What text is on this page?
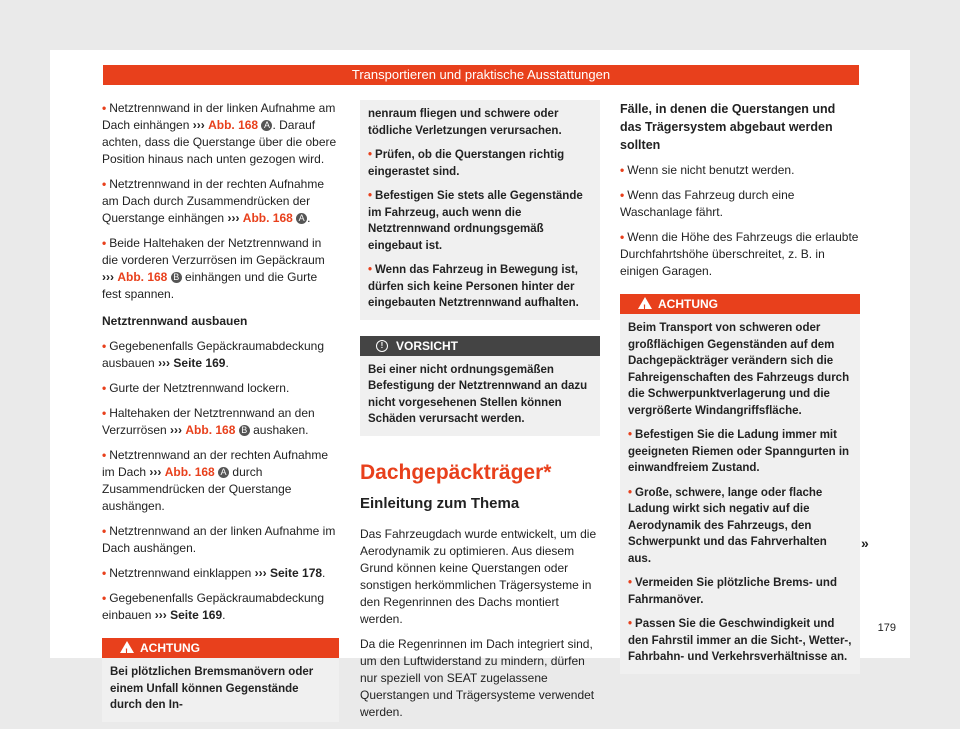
Transportieren und praktische Ausstattungen

• Netztrennwand in der linken Aufnahme am Dach einhängen ››› Abb. 168 A . Darauf achten, dass die Querstange über die obere Position hinaus nach unten gezogen wird.

• Netztrennwand in der rechten Aufnahme am Dach durch Zusammendrücken der Querstange einhängen ››› Abb. 168 A .

• Beide Haltehaken der Netztrennwand in die vorderen Verzurrösen im Gepäckraum ››› Abb. 168 B einhängen und die Gurte fest spannen.

Netztrennwand ausbauen

• Gegebenenfalls Gepäckraumabdeckung ausbauen ››› Seite 169.

• Gurte der Netztrennwand lockern.

• Haltehaken der Netztrennwand an den Verzurrösen ››› Abb. 168 B aushaken.

• Netztrennwand an der rechten Aufnahme im Dach ››› Abb. 168 A durch Zusammendrücken der Querstange aushängen.

• Netztrennwand an der linken Aufnahme im Dach aushängen.

• Netztrennwand einklappen ››› Seite 178.

• Gegebenenfalls Gepäckraumabdeckung einbauen ››› Seite 169.

!
ACHTUNG
Bei plötzlichen Bremsmanövern oder einem Unfall können Gegenstände durch den In-

nenraum fliegen und schwere oder tödliche Verletzungen verursachen.

• Prüfen, ob die Querstangen richtig eingerastet sind.

• Befestigen Sie stets alle Gegenstände im Fahrzeug, auch wenn die Netztrennwand ordnungsgemäß eingebaut ist.

• Wenn das Fahrzeug in Bewegung ist, dürfen sich keine Personen hinter der eingebauten Netztrennwand aufhalten.

!	VORSICHT
Bei einer nicht ordnungsgemäßen Befestigung der Netztrennwand an dazu nicht vorgesehenen Stellen können Schäden verursacht werden.
Dachgepäckträger*
Einleitung zum Thema

Das Fahrzeugdach wurde entwickelt, um die Aerodynamik zu optimieren. Aus diesem Grund können keine Querstangen oder sonstigen herkömmlichen Trägersysteme in den Regenrinnen des Dachs montiert werden.

Da die Regenrinnen im Dach integriert sind, um den Luftwiderstand zu mindern, dürfen nur speziell von SEAT zugelassene Querstangen und Trägersysteme verwendet werden.

Fälle, in denen die Querstangen und das Trägersystem abgebaut werden sollten

• Wenn sie nicht benutzt werden.

• Wenn das Fahrzeug durch eine Waschanlage fährt.

• Wenn die Höhe des Fahrzeugs die erlaubte Durchfahrtshöhe überschreitet, z. B. in einigen Garagen.

!
ACHTUNG

Beim Transport von schweren oder großflächigen Gegenständen auf dem Dachgepäckträger verändern sich die Fahreigenschaften des Fahrzeugs durch die Schwerpunktverlagerung und die vergrößerte Windangriffsfläche.

• Befestigen Sie die Ladung immer mit geeigneten Riemen oder Spanngurten in einwandfreiem Zustand.

• Große, schwere, lange oder flache Ladung wirkt sich negativ auf die Aerodynamik des Fahrzeugs, den Schwerpunkt und das Fahrverhalten aus.

• Vermeiden Sie plötzliche Brems- und Fahrmanöver.

• Passen Sie die Geschwindigkeit und den Fahrstil immer an die Sicht-, Wetter-, Fahrbahn- und Verkehrsverhältnisse an.

»
179
